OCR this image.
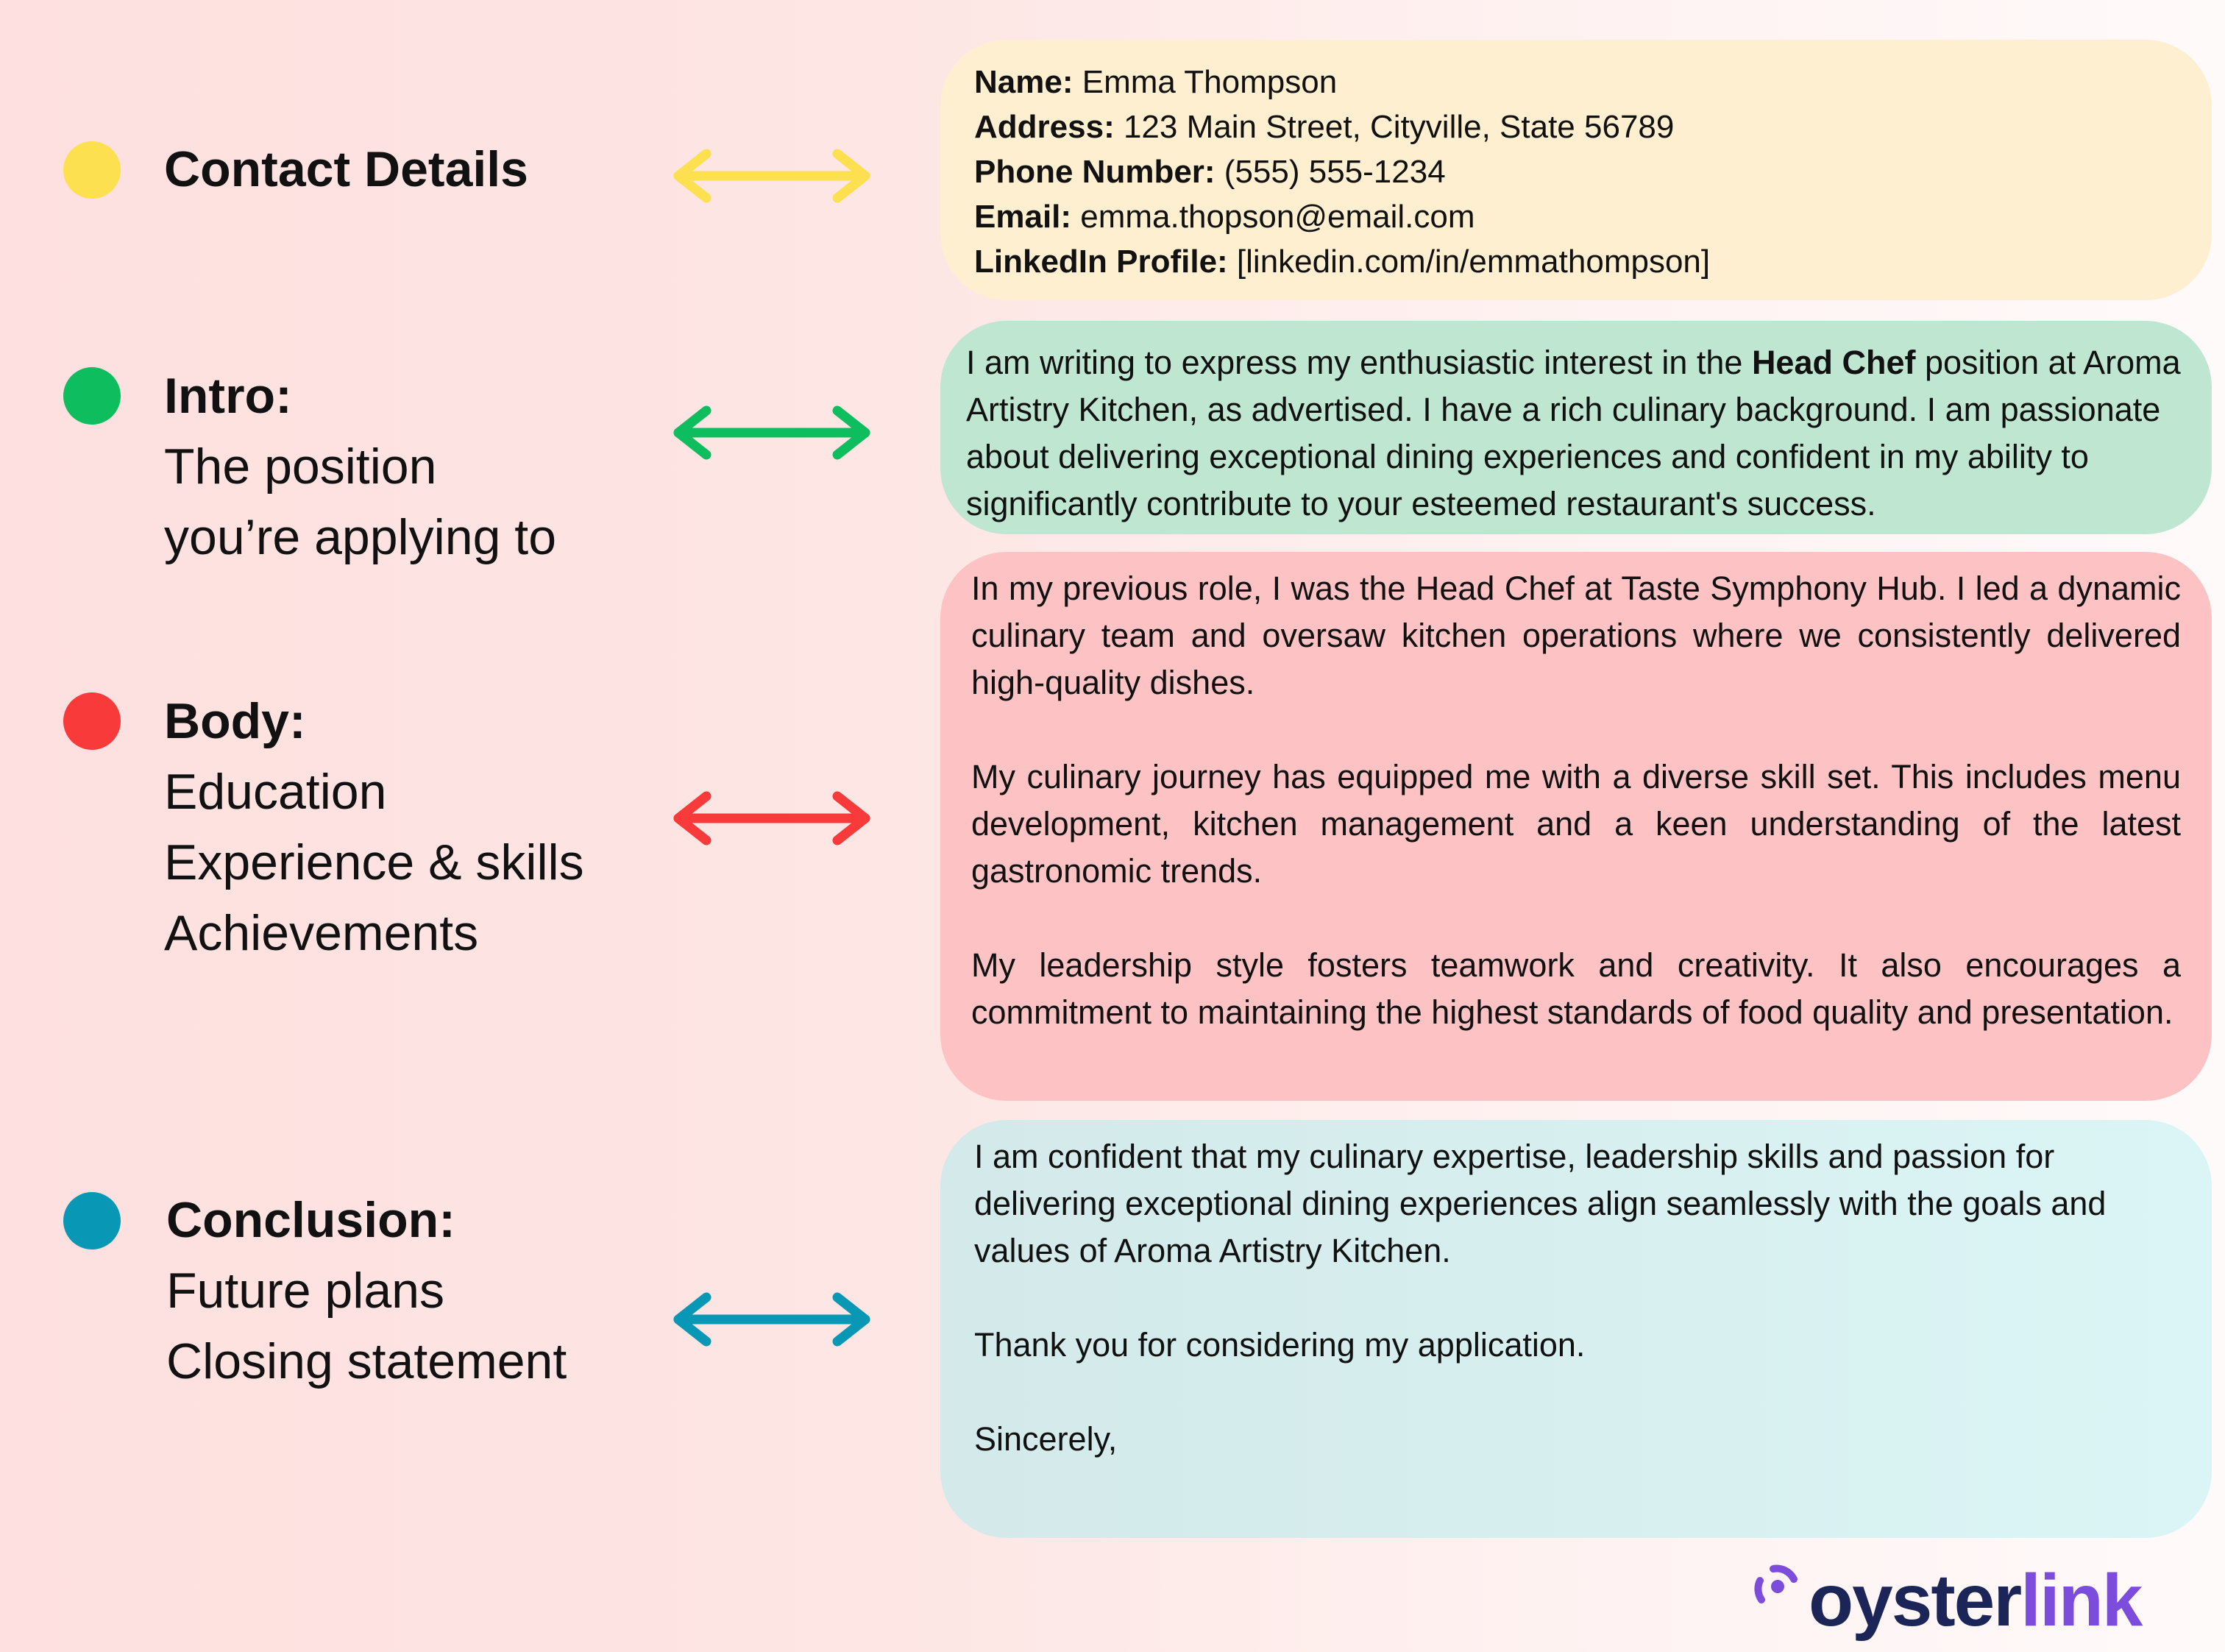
Contact Details
Intro:
The position
you’re applying to
Body:
Education
Experience & skills
Achievements
Conclusion:
Future plans
Closing statement

Name: Emma Thompson

Address: 123 Main Street, Cityville, State 56789

Phone Number: (555) 555-1234

Email: emma.thopson@email.com

LinkedIn Profile: [linkedin.com/in/emmathompson]

I am writing to express my enthusiastic interest in the Head Chef position at Aroma Artistry Kitchen, as advertised. I have a rich culinary background. I am passionate about delivering exceptional dining experiences and confident in my ability to significantly contribute to your esteemed restaurant's success.

In my previous role, I was the Head Chef at Taste Symphony Hub. I led a dynamic culinary team and oversaw kitchen operations where we consistently delivered high-quality dishes.

My culinary journey has equipped me with a diverse skill set. This includes menu development, kitchen management and a keen understanding of the latest gastronomic trends.

My leadership style fosters teamwork and creativity. It also encourages a commitment to maintaining the highest standards of food quality and presentation.

I am confident that my culinary expertise, leadership skills and passion for delivering exceptional dining experiences align seamlessly with the goals and values of Aroma Artistry Kitchen.

Thank you for considering my application.

Sincerely,

oysterlink
